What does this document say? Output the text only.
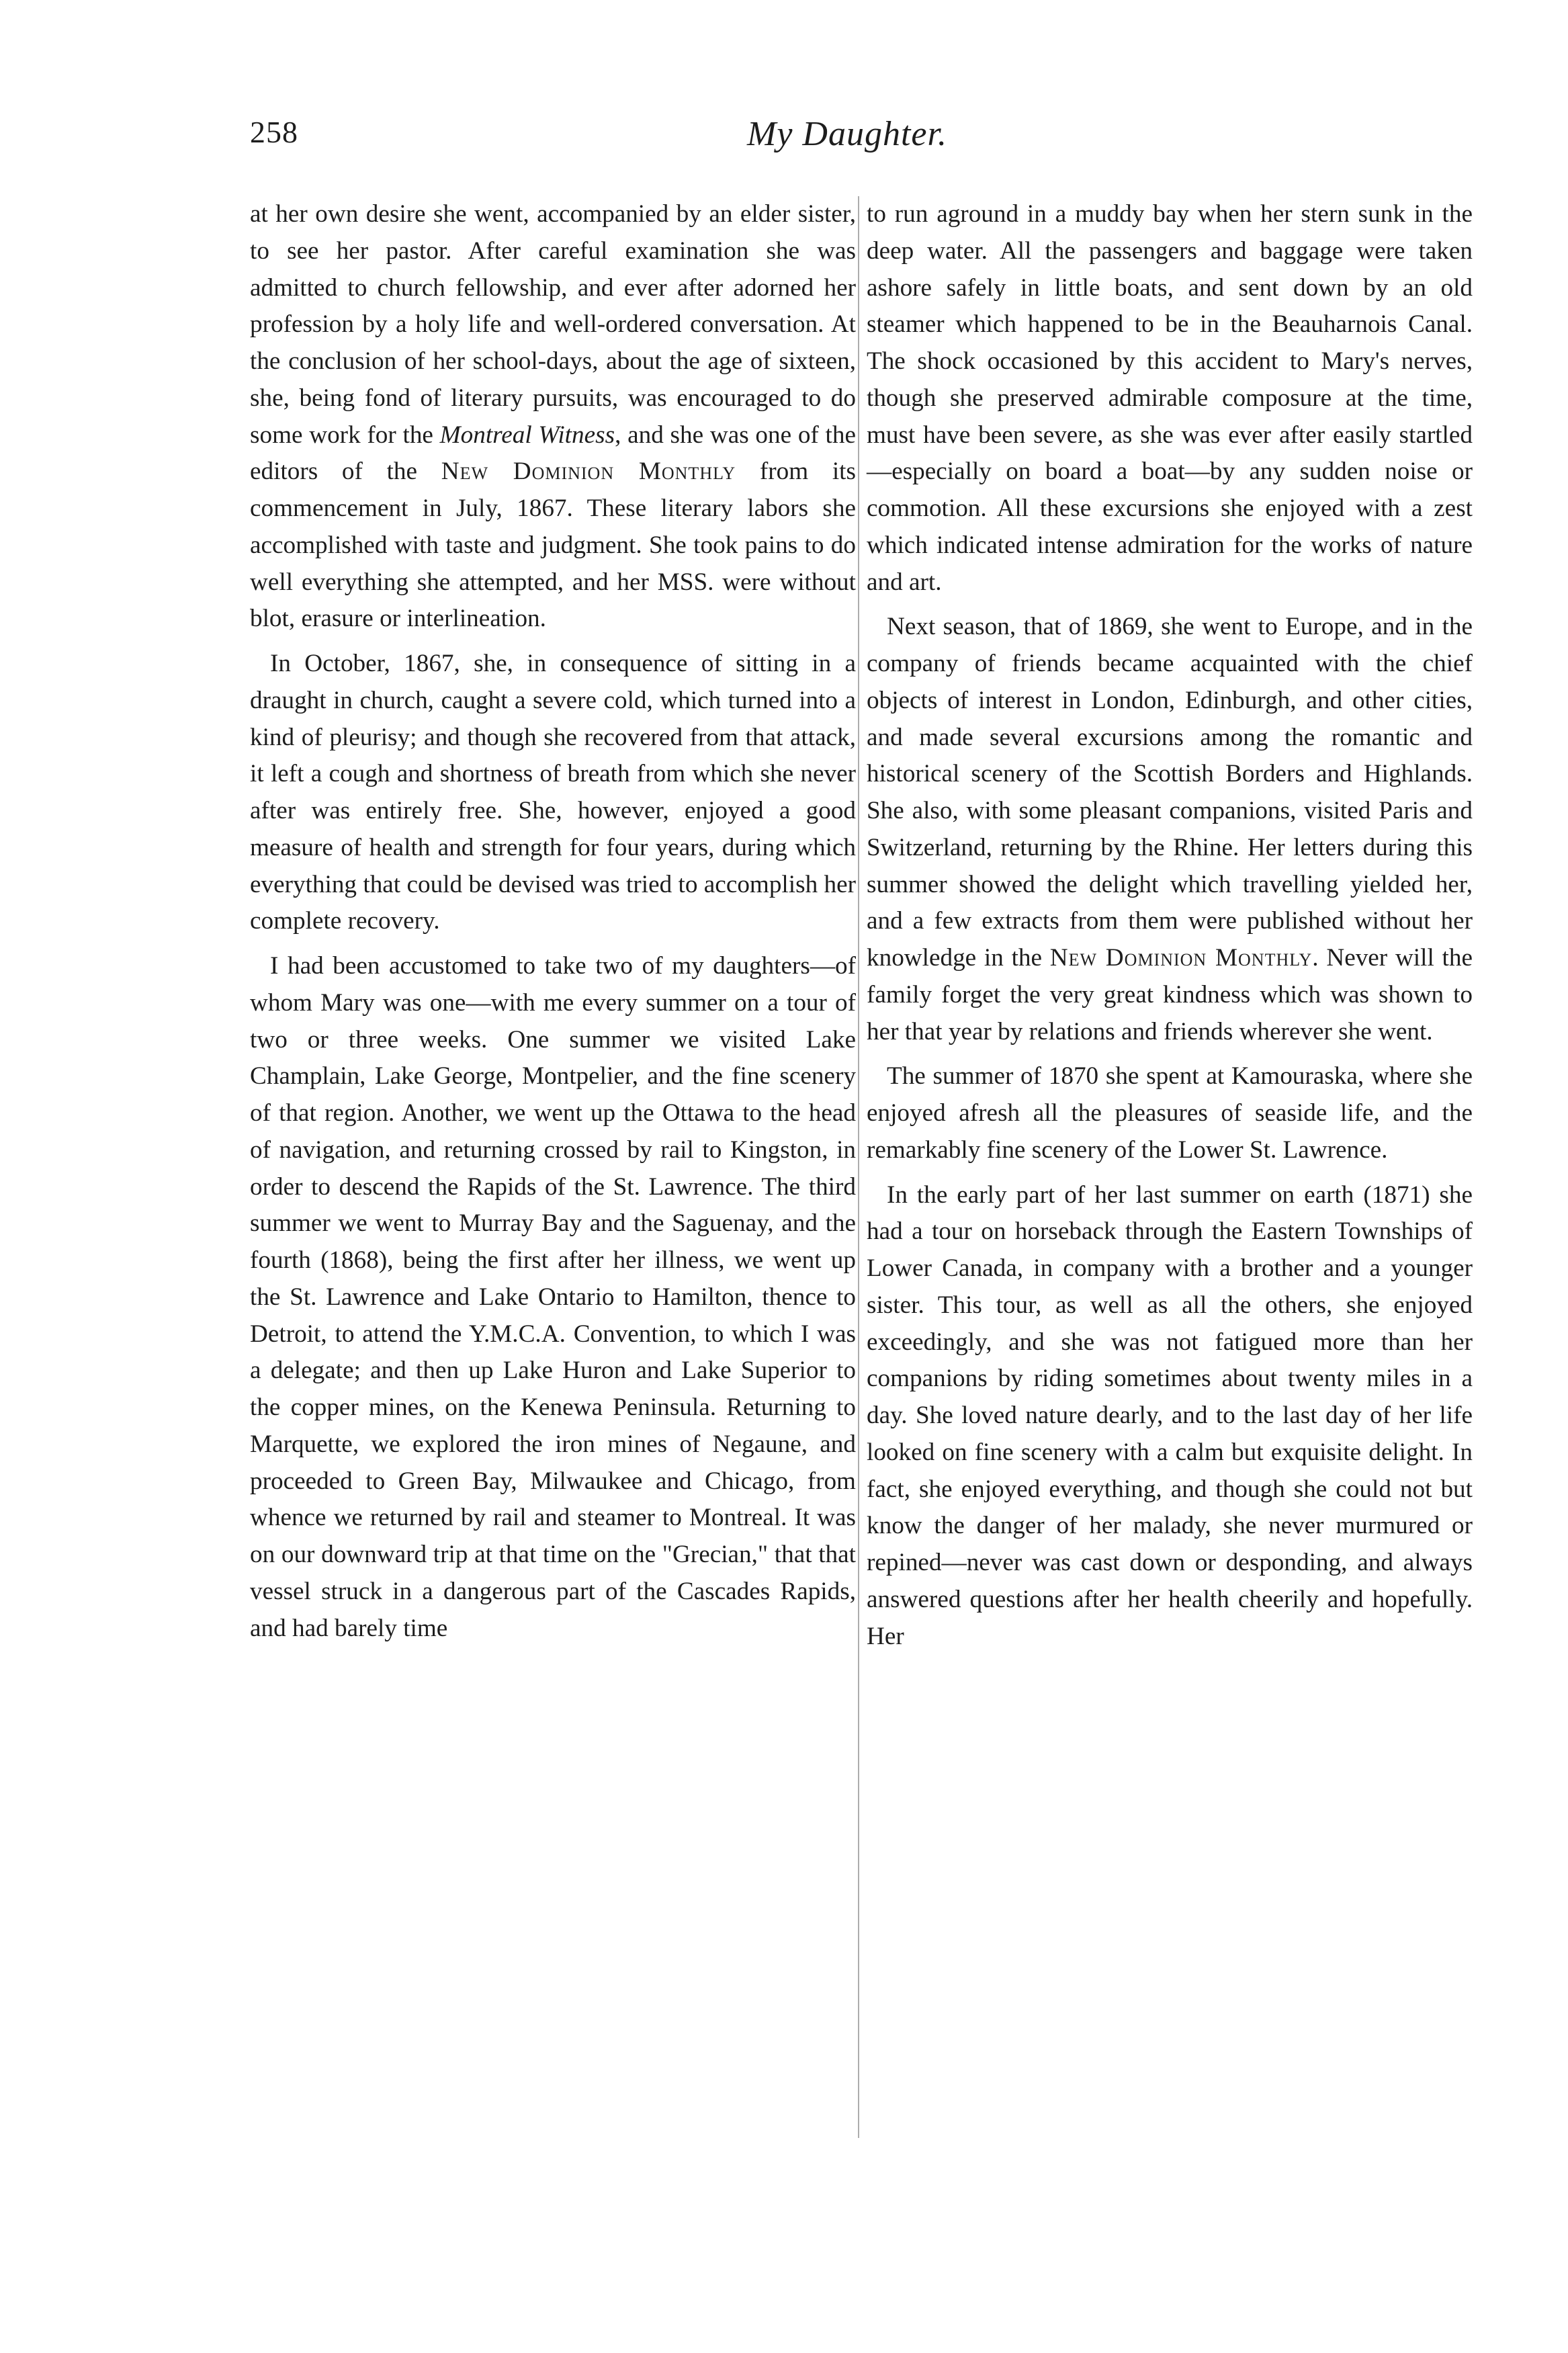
258	My Daughter.

at her own desire she went, accompanied by an elder sister, to see her pastor. After careful examination she was admitted to church fellowship, and ever after adorned her profession by a holy life and well-ordered conversation. At the conclusion of her school-days, about the age of sixteen, she, being fond of literary pursuits, was encouraged to do some work for the Montreal Witness, and she was one of the editors of the New Dominion Monthly from its commencement in July, 1867. These literary labors she accomplished with taste and judgment. She took pains to do well everything she attempted, and her MSS. were without blot, erasure or interlineation.

In October, 1867, she, in consequence of sitting in a draught in church, caught a severe cold, which turned into a kind of pleurisy; and though she recovered from that attack, it left a cough and shortness of breath from which she never after was entirely free. She, however, enjoyed a good measure of health and strength for four years, during which everything that could be devised was tried to accomplish her complete recovery.

I had been accustomed to take two of my daughters—of whom Mary was one—with me every summer on a tour of two or three weeks. One summer we visited Lake Champlain, Lake George, Montpelier, and the fine scenery of that region. Another, we went up the Ottawa to the head of navigation, and returning crossed by rail to Kingston, in order to descend the Rapids of the St. Lawrence. The third summer we went to Murray Bay and the Saguenay, and the fourth (1868), being the first after her illness, we went up the St. Lawrence and Lake Ontario to Hamilton, thence to Detroit, to attend the Y.M.C.A. Convention, to which I was a delegate; and then up Lake Huron and Lake Superior to the copper mines, on the Kenewa Peninsula. Returning to Marquette, we explored the iron mines of Negaune, and proceeded to Green Bay, Milwaukee and Chicago, from whence we returned by rail and steamer to Montreal. It was on our downward trip at that time on the "Grecian," that that vessel struck in a dangerous part of the Cascades Rapids, and had barely time

to run aground in a muddy bay when her stern sunk in the deep water. All the passengers and baggage were taken ashore safely in little boats, and sent down by an old steamer which happened to be in the Beauharnois Canal. The shock occasioned by this accident to Mary's nerves, though she preserved admirable composure at the time, must have been severe, as she was ever after easily startled—especially on board a boat—by any sudden noise or commotion. All these excursions she enjoyed with a zest which indicated intense admiration for the works of nature and art.

Next season, that of 1869, she went to Europe, and in the company of friends became acquainted with the chief objects of interest in London, Edinburgh, and other cities, and made several excursions among the romantic and historical scenery of the Scottish Borders and Highlands. She also, with some pleasant companions, visited Paris and Switzerland, returning by the Rhine. Her letters during this summer showed the delight which travelling yielded her, and a few extracts from them were published without her knowledge in the New Dominion Monthly. Never will the family forget the very great kindness which was shown to her that year by relations and friends wherever she went.

The summer of 1870 she spent at Kamouraska, where she enjoyed afresh all the pleasures of seaside life, and the remarkably fine scenery of the Lower St. Lawrence.

In the early part of her last summer on earth (1871) she had a tour on horseback through the Eastern Townships of Lower Canada, in company with a brother and a younger sister. This tour, as well as all the others, she enjoyed exceedingly, and she was not fatigued more than her companions by riding sometimes about twenty miles in a day. She loved nature dearly, and to the last day of her life looked on fine scenery with a calm but exquisite delight. In fact, she enjoyed everything, and though she could not but know the danger of her malady, she never murmured or repined—never was cast down or desponding, and always answered questions after her health cheerily and hopefully. Her
